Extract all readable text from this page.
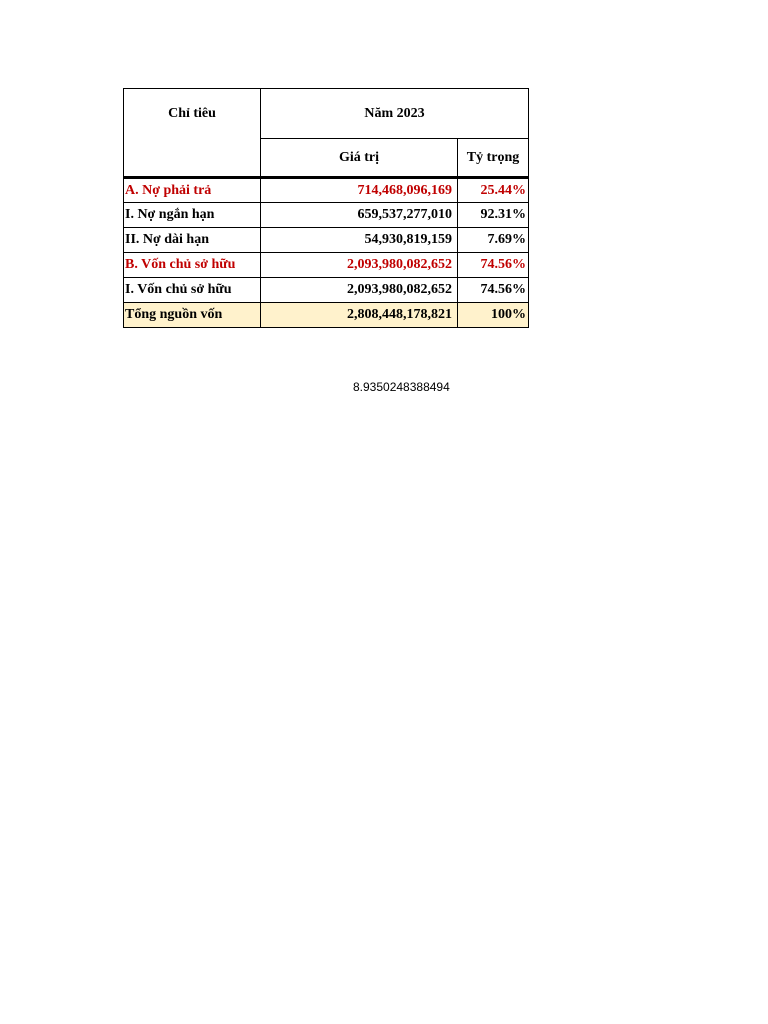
Chỉ tiêu	Năm 2023	
	Giá trị	Tỷ trọng
A. Nợ phải trả	714,468,096,169	25.44%
I. Nợ ngắn hạn	659,537,277,010	92.31%
II. Nợ dài hạn	54,930,819,159	7.69%
B. Vốn chủ sở hữu	2,093,980,082,652	74.56%
I. Vốn chủ sở hữu	2,093,980,082,652	74.56%
Tổng nguồn vốn	2,808,448,178,821	100%
8.9350248388494
